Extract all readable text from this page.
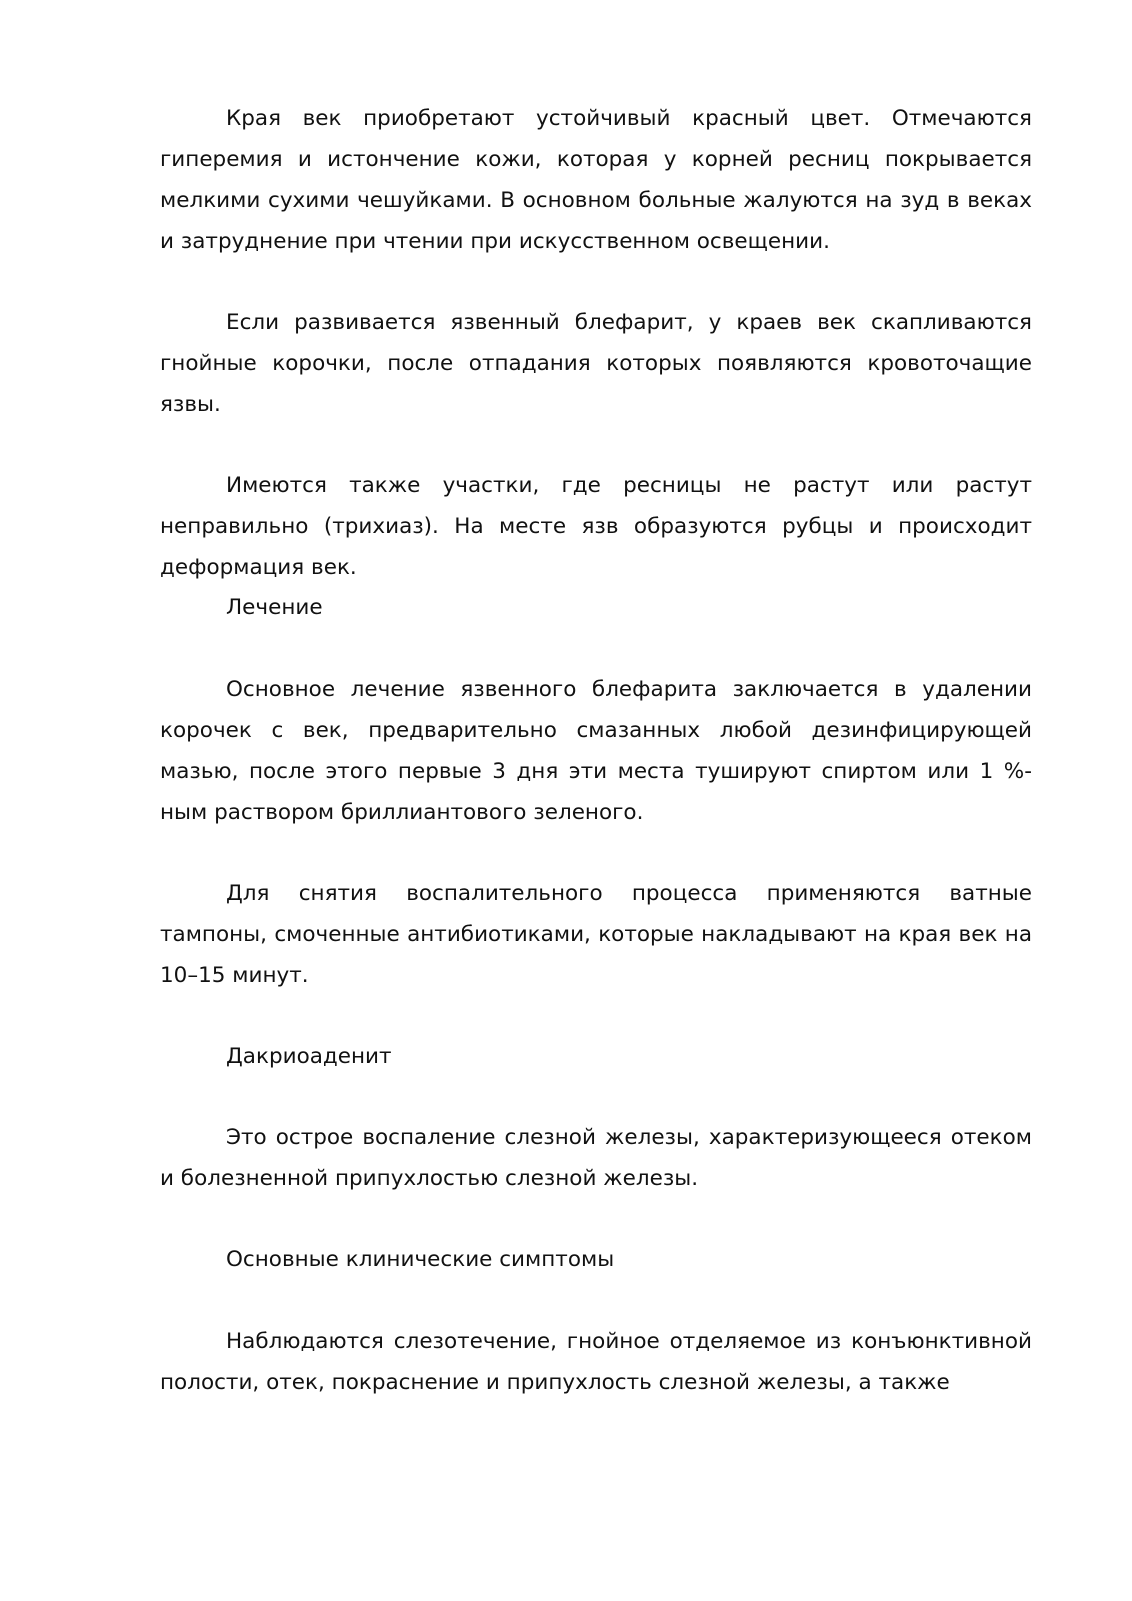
Края век приобретают устойчивый красный цвет. Отмечаются гиперемия и истончение кожи, которая у корней ресниц покрывается мелкими сухими чешуйками. В основном больные жалуются на зуд в веках и затруднение при чтении при искусственном освещении.

Если развивается язвенный блефарит, у краев век скапливаются гнойные корочки, после отпадания которых появляются кровоточащие язвы.

Имеются также участки, где ресницы не растут или растут неправильно (трихиаз). На месте язв образуются рубцы и происходит деформация век.

Лечение

Основное лечение язвенного блефарита заключается в удалении корочек с век, предварительно смазанных любой дезинфицирующей мазью, после этого первые 3 дня эти места тушируют спиртом или 1 %-ным раствором бриллиантового зеленого.

Для снятия воспалительного процесса применяются ватные тампоны, смоченные антибиотиками, которые накладывают на края век на 10–15 минут.

Дакриоаденит

Это острое воспаление слезной железы, характеризующееся отеком и болезненной припухлостью слезной железы.

Основные клинические симптомы

Наблюдаются слезотечение, гнойное отделяемое из конъюнктивной полости, отек, покраснение и припухлость слезной железы, а также
